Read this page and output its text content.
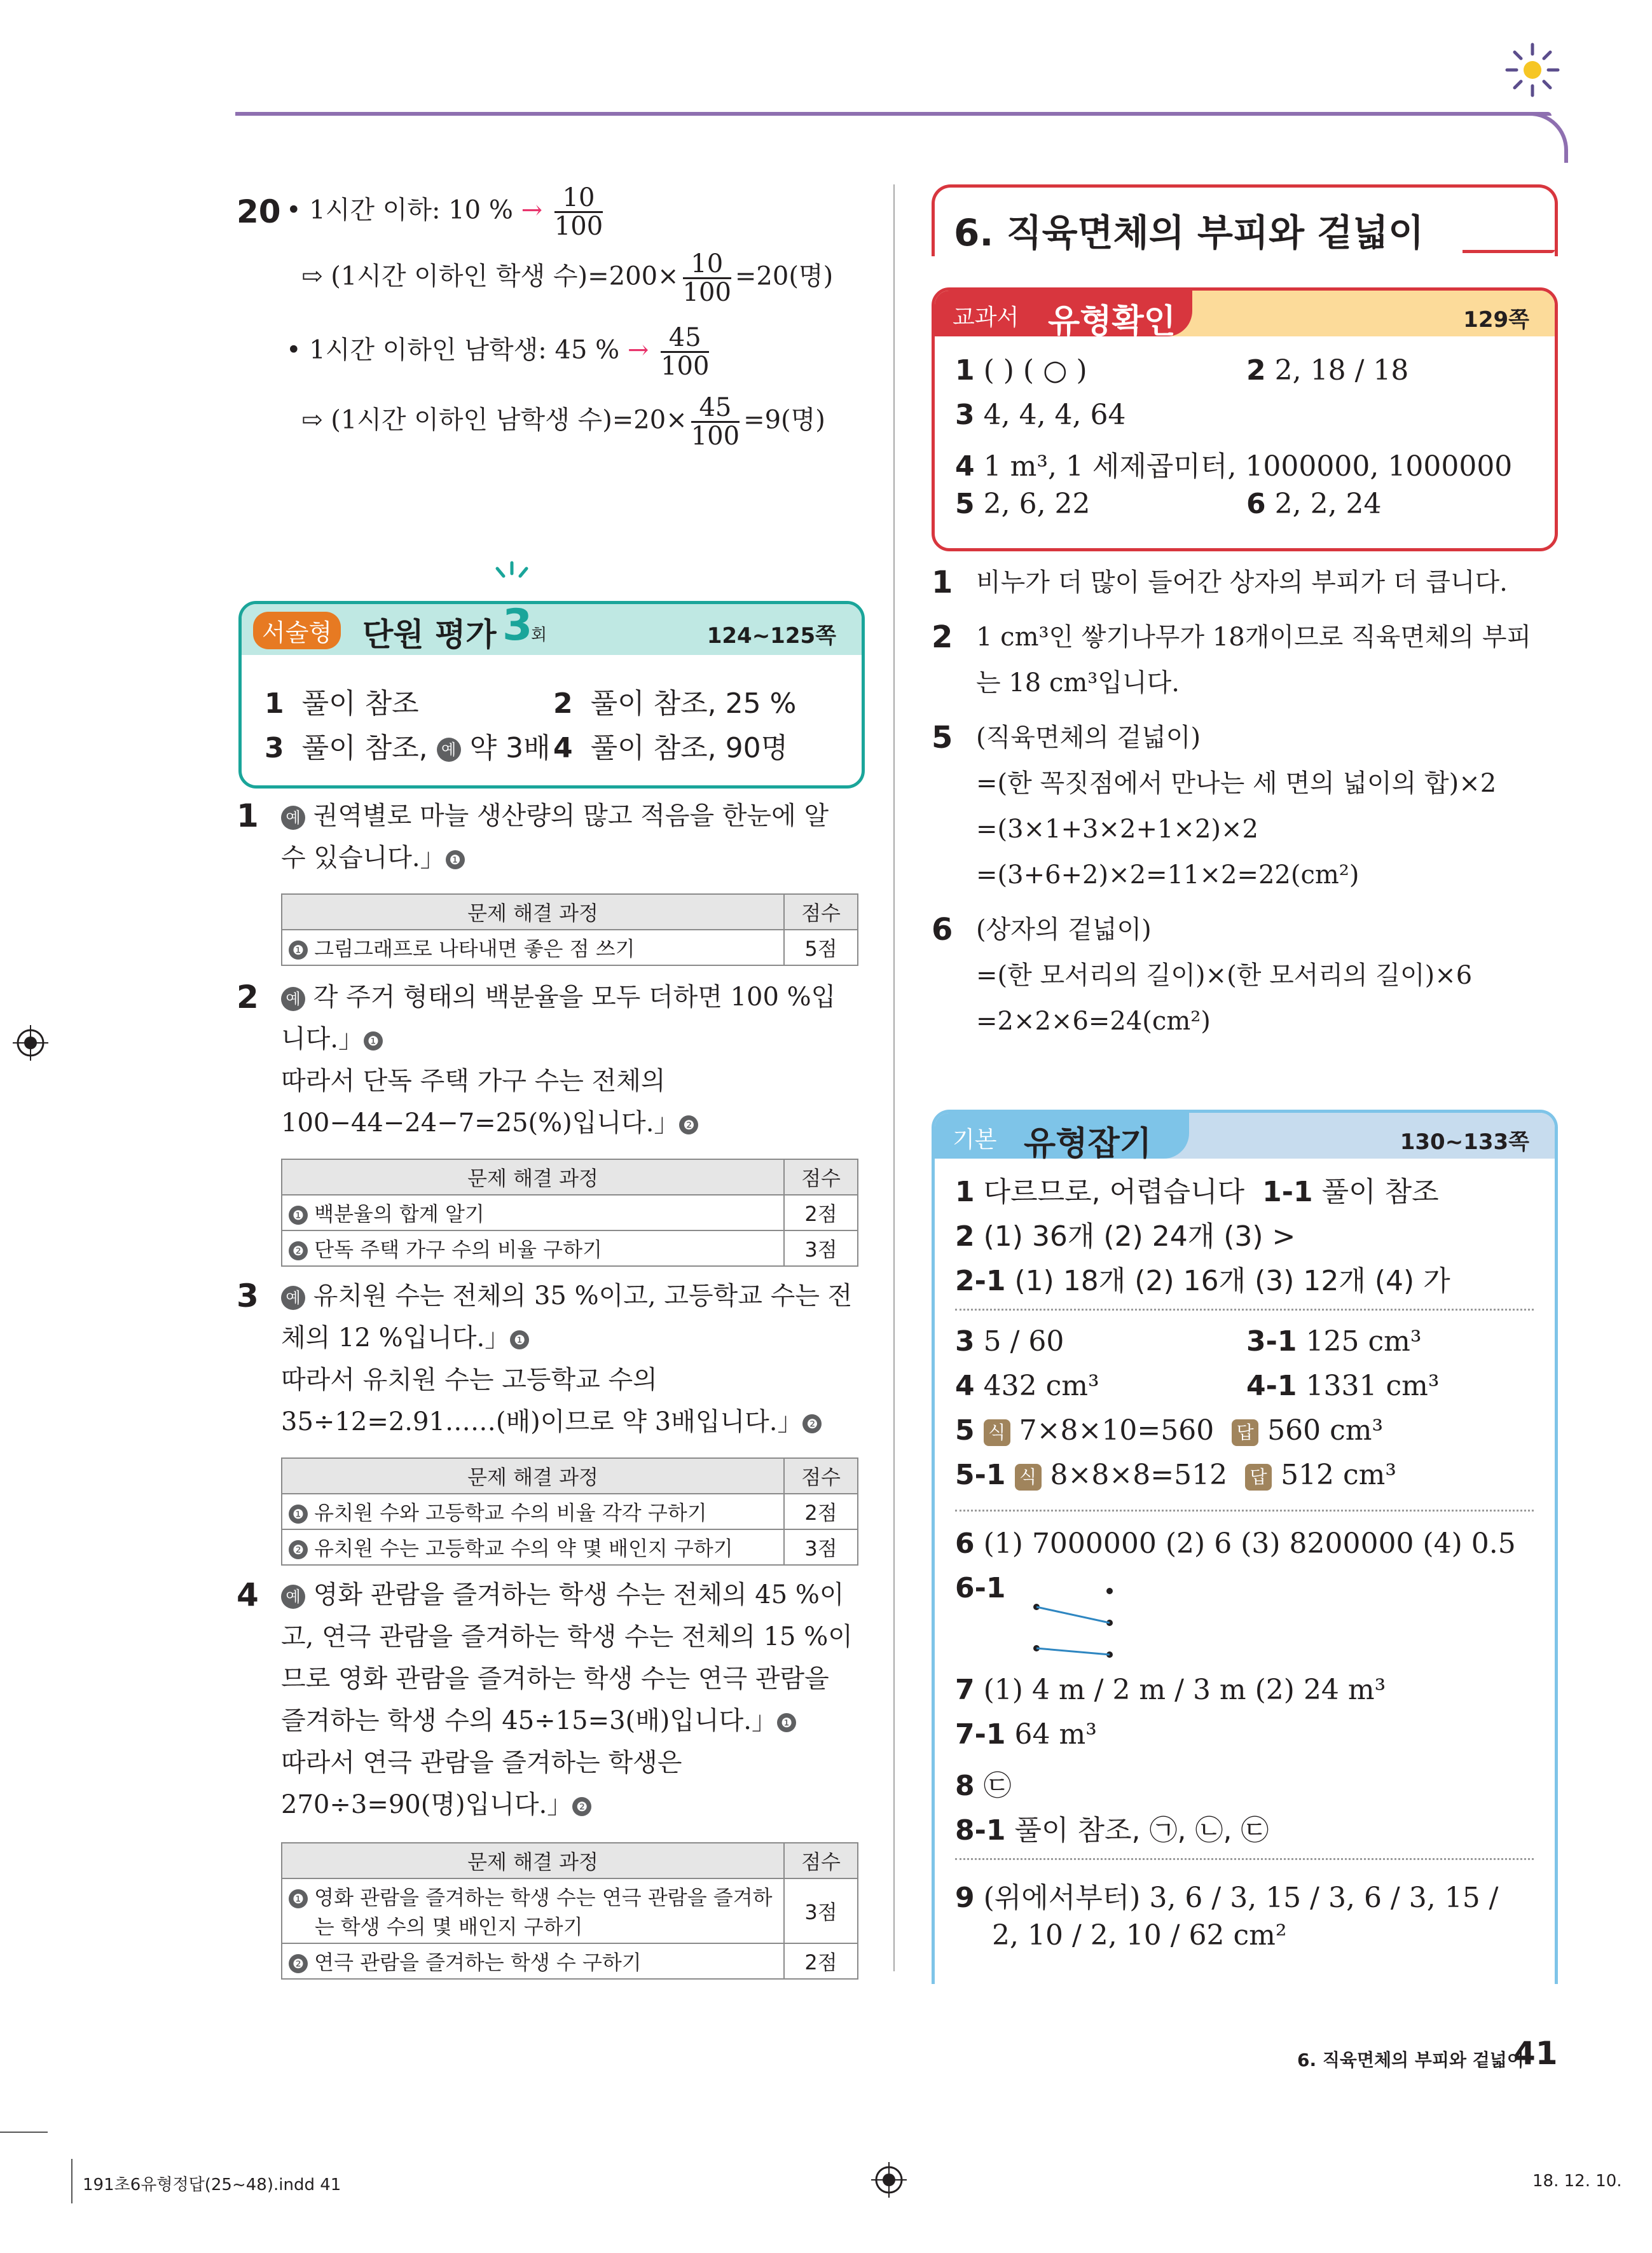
20 • 1시간 이하: 10 % → $\frac{10}{100}$
⇨ (1시간 이하인 학생 수)$=200\times \frac{10}{100} =20$(명)
• 1시간 이하인 남학생: 45 % → $\frac{45}{100}$
⇨ (1시간 이하인 남학생 수)$=20\times \frac{45}{100} =9$(명)
서술형 단원 평가 3
회	124~125쪽
1 풀이 참조	2 풀이 참조, 25 %
3 풀이 참조, 예 약 3배 4 풀이 참조, 90명
1	예 권역별로 마늘 생산량의 많고 적음을 한눈에 알
수 있습니다.」 ❶
문제 해결 과정	점수
❶ 그림그래프로 나타내면 좋은 점 쓰기	5점
2	예 각 주거 형태의 백분율을 모두 더하면 100 %입
니다.」 ❶
따라서 단독 주택 가구 수는 전체의
100−44−24−7=25(%)입니다.」 ❷
문제 해결 과정	점수
❶ 백분율의 합계 알기	2점
❷ 단독 주택 가구 수의 비율 구하기	3점
3	예 유치원 수는 전체의 35 %이고, 고등학교 수는 전
체의 12 %입니다.」 ❶
따라서 유치원 수는 고등학교 수의
35÷12=2.91……(배)이므로 약 3배입니다.」 ❷
문제 해결 과정	점수
❶ 유치원 수와 고등학교 수의 비율 각각 구하기	2점
❷ 유치원 수는 고등학교 수의 약 몇 배인지 구하기	3점
4	예 영화 관람을 즐겨하는 학생 수는 전체의 45 %이
고, 연극 관람을 즐겨하는 학생 수는 전체의 15 %이
므로 영화 관람을 즐겨하는 학생 수는 연극 관람을
즐겨하는 학생 수의 45÷15=3(배)입니다.」 ❶
따라서 연극 관람을 즐겨하는 학생은
270÷3=90(명)입니다.」 ❷
문제 해결 과정	점수
❶ 영화 관람을 즐겨하는 학생 수는 연극 관람을 즐겨하
는 학생 수의 몇 배인지 구하기	3점
❷ 연극 관람을 즐겨하는 학생 수 구하기	2점
6. 직육면체의 부피와 겉넓이
교과서 유형확인	129쪽
1 ( ) ( ○ )	2 2, 18 / 18
3 4, 4, 4, 64
4 1 m³, 1 세제곱미터, 1000000, 1000000
5 2, 6, 22	6 2, 2, 24
1 비누가 더 많이 들어간 상자의 부피가 더 큽니다.
2 1 cm³인 쌓기나무가 18개이므로 직육면체의 부피
는 18 cm³입니다.
5 (직육면체의 겉넓이)
=(한 꼭짓점에서 만나는 세 면의 넓이의 합)×2
=(3×1+3×2+1×2)×2
=(3+6+2)×2=11×2=22(cm²)
6 (상자의 겉넓이)
=(한 모서리의 길이)×(한 모서리의 길이)×6
=2×2×6=24(cm²)
기본 유형잡기	130~133쪽
1 다르므로, 어렵습니다 1-1 풀이 참조
2 (1) 36개 (2) 24개 (3) >
2-1 (1) 18개 (2) 16개 (3) 12개 (4) 가
3 5 / 60	3-1 125 cm³
4 432 cm³	4-1 1331 cm³
5 식 7×8×10=560 답 560 cm³
5-1 식 8×8×8=512 답 512 cm³
6 (1) 7000000 (2) 6 (3) 8200000 (4) 0.5
6-1
7 (1) 4 m / 2 m / 3 m (2) 24 m³
7-1 64 m³
8 ㉢
8-1 풀이 참조, ㉠, ㉡, ㉢
9 (위에서부터) 3, 6 / 3, 15 / 3, 6 / 3, 15 /
2, 10 / 2, 10 / 62 cm²
6. 직육면체의 부피와 겉넓이
41
191초6유형정답(25~48).indd 41	18. 12. 10.
